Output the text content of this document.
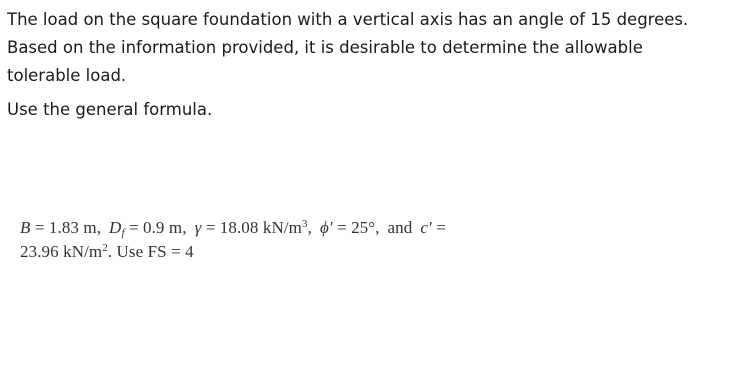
The load on the square foundation with a vertical axis has an angle of 15 degrees.

Based on the information provided, it is desirable to determine the allowable

tolerable load.

Use the general formula.

B = 1.83 m, $D_f = 0.9$ m, γ = 18.08 $kN/m^3$, ϕ′ = 25°, and c′ =
23.96 $kN/m^2$. Use FS = 4
